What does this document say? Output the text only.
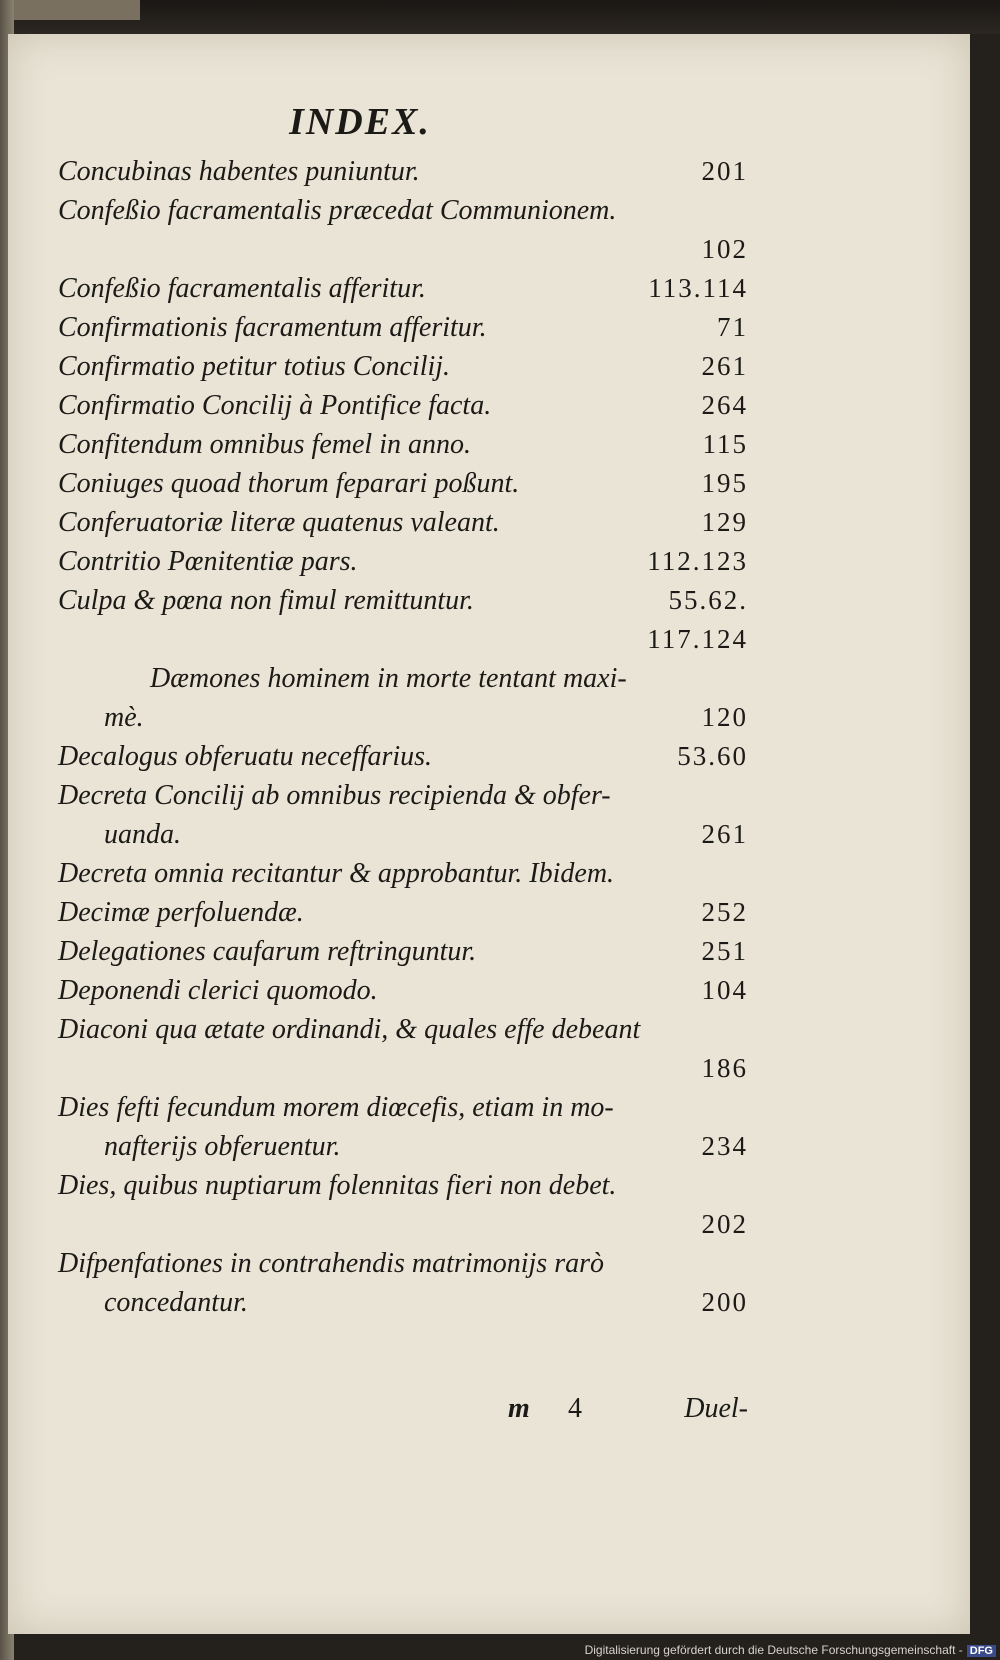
INDEX.
Concubinas habentes puniuntur.	201
Confeßio facramentalis præcedat Communionem.
102
Confeßio facramentalis afferitur.	113.114
Confirmationis facramentum afferitur.	71
Confirmatio petitur totius Concilij.	261
Confirmatio Concilij à Pontifice facta.	264
Confitendum omnibus femel in anno.	115
Coniuges quoad thorum feparari poßunt.	195
Conferuatoriæ literæ quatenus valeant.	129
Contritio Pœnitentiæ pars.	112.123
Culpa & pœna non fimul remittuntur.	55.62.
117.124
Dæmones hominem in morte tentant maxi-
mè.	120
Decalogus obferuatu neceffarius.	53.60
Decreta Concilij ab omnibus recipienda & obfer-
uanda.	261
Decreta omnia recitantur & approbantur. Ibidem.
Decimæ perfoluendæ.	252
Delegationes caufarum reftringuntur.	251
Deponendi clerici quomodo.	104
Diaconi qua ætate ordinandi, & quales effe debeant
186
Dies fefti fecundum morem diœcefis, etiam in mo-
nafterijs obferuentur.	234
Dies, quibus nuptiarum folennitas fieri non debet.
202
Difpenfationes in contrahendis matrimonijs rarò
concedantur.	200
m 4	Duel-
Digitalisierung gefördert durch die Deutsche Forschungsgemeinschaft - DFG
